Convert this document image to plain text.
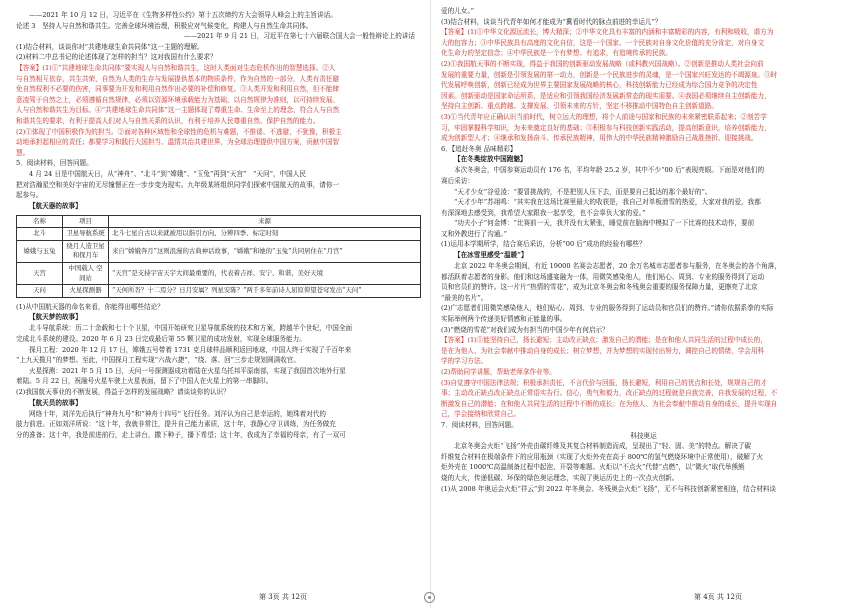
——2021 年 10 月 12 日，习近平在《生物多样性公约》第十五次缔约方大会领导人峰会上的主旨讲话。
论述 3　坚持人与自然和谐共生。完善全球环境治理，积极应对气候变化，构建人与自然生命共同体。
——2021 年 9 月 21 日，习近平在第七十六届联合国大会一般性辩论上的讲话
(1)结合材料，谈谈你对“共建地球生命共同体”这一主题的理解。
(2)材料二中总书记的论述体现了怎样的担当？这对我国有什么要求？
【答案】(1)①“共建地球生命共同体”要实现人与自然和谐共生，这时人类面对生态危机作出的智慧选择。②人
与自然相互依存，共生共荣，自然为人类的生存与发展提供基本的物质条件，作为自然的一部分，人类有责任避
免自然权利不必要的伤害，同事要为开发和利用自然作出必要的补偿和修复。③人类开发和利用自然，但不能肆
意凌驾于自然之上，必须遵循自然规律，必须以资源环境承载能力为基础，以自然规律为准则，以可持续发展、
人与自然和谐共生为目标。④“共建地球生命共同体”这一主题体现了尊重生命、生命至上的理念，符合人与自然
和谐共生的要求，有利于提高人们对人与自然关系的认识，有利于培养人民尊重自然、保护自然的能力。
(2)①体现了中国积极作为的担当。②面对各种区域性和全球性的危机与难题，不推诿、不逃避，不犹豫，积极主
动地承担起相应的责任；都要学习和践行大国担当、温情共治共建世界，为全球治理提供中国方案，贡献中国智
慧。
5．阅读材料，回答问题。
4 月 24 日是中国航天日，从“神舟”、“北斗”到“嫦娥”、“玉兔”再到“天宫”　“天问”，中国人民
把对浩瀚星空和美好宇宙的无尽憧憬正在一步步变为现实。九年级某班组织同学们探索中国航天的故事，请你一
起参与。
【航天器的故事】
名称	项目	来源
北斗	卫星导航系统	北斗七星自古以来就被用以指引方向、分辨四季、标定时刻
嫦娥与玉兔	绕月人造卫星 和探月车	来自“嫦娥奔月”这则浪漫的古典神话故事，“嫦娥”和她的“玉兔”共同居住在“月宫”
天宫	中国载人 空间站	“天宫”是支持宇宙天宇大间最重要的，代表着吉祥、安宁、和谐、美好天境
天问	火星探测器	“天何所沓？十二焉分？日月安属？列星安陈？”两千多年前诗人屈原仰望苍穹发出“天问”
(1)从中国航天器的命名来看，你能得出哪些结论？
【航天梦的故事】
北斗导航系统：历二十余载和七十个卫星，中国开始研究卫星导航系统的技术和方案，跨越半个世纪，中国全面
完成北斗系统的建设。2020 年 6 月 23 日完成最后第 55 颗卫星的成功发射，实现全球服务能力。
探月工程：2020 年 12 月 17 日，嫦娥五号带着 1731 克月球样品顺利返回地球，中国人终于实现了千百年来
“上九天揽月”的梦想。至此，中国探月工程实现“六战六捷”，“绕、落、回”三步走规划圆满收官。
火星探测：2021 年 5 月 15 日，天问一号探测器成功着陆在火星乌托邦平原南部，实现了我国首次地外行星
着陆。5 月 22 日，祝融号火星车驶上火星表面，留下了中国人在火星上的第一串脚印。
(2)我国航天事业的不断发展，得益于怎样的发展战略？请谈谈你的认识？
【航天员的故事】
网络十年，刘洋先后执行“神舟九号”和“神舟十四号”飞行任务。刘洋认为自己是幸运的，她珠着对代的
肢力前进。正如刘洋所说：“这十年，我就非常注，提升自己能力素质，这十年，我静心守卫训练，为任务做充
分的准备；这十年，我是前进前行，走上讲台，撒下种子，播下希望；这十年，我成为了幸福的母亲，有了一双可
爱的儿女。”
(3)结合材料，谈谈当代青年如何才能成为“冀看时代的脉点前进的幸运儿”？
【答案】(1)①中华文化源远流长，博大精深；②中华文化具有丰富的内涵和丰富精彩的内容，有利和吸收，谐方为
大的包容力；③中华民族具有高度的文化自信，这是一个国家、一个民族对自身文化价值的充分肯定，对自身文
化生命力的坚定信念；④中华民族是一个有梦想、有追求，有追境传承的民族。
(2)①我国航天事的不断实现，得益于我国的创新驱动发展战略（或科教兴国战略）。②创新是推动人类社会向前
发展的重要力量，创新是引领发展的第一动力，创新是一个民族进步的灵魂，是一个国家兴旺发达的不竭源泉。③时
代发展呼唤创新，创新已经成为世界主要国家发展战略的核心，科技创新能力已经成为综合国力竞争的决定性
因素。创新驱动是国家命运所系，是适应和引领我国经济发展新常态的现实需要。④我国必须继续自主创新能力，
坚持自主创新、重点跨越、支撑发展、引领未来的方针，坚定不移推动中国特色自主创新道路。
(3)①当代青年应正确认识当前时代，树立远大的理想，将个人前途与国家和民族的未来紧密联系起来；②刻苦学
习，牢固掌握科学知识，为未来奠定良好的基础；③积极参与科技创新实践活动，提高创新意识，培养创新能力，
成为创新型人才；④继承和发扬奋斗、传承民族精神，用伟大的中华民族精神激励自己战胜挫折、迎接挑战。
6．【追赶冬奥 品味精彩】
【在冬奥绽放中国跑魅】
本次冬奥会，中国参赛运动员有 176 名，平均年龄 25.2 岁，其中不少“00 后”表现亮眼。下面是对他们的
赛后采访：
“天才少女”谷爱凌：“要冒挑战的，不是把别人压下去，而是要自己抵达的那个最好的”。
“天才少年”苏翊鸣：“其实我在这场比赛里最大的收获是，我自己对单板滑雪的热爱，大家对我的爱，我都
有深深地去感受到，我希望大家跟我一起享受，也不会辜负大家的爱。”
“功夫小子”何金博：“比赛前一天，我并没有太紧张，睡觉前在脑海中模拟了一下比赛的技术动作，要前
又和外教进行了沟通。”
(1)运用本学期所学，结合赛后采访，分析“00 后”成功的经验有哪些？
【在冰雪里感受“温暖”】
北京 2022 年冬奥会期间，有近 19000 名赛会志愿者，20 余万名城市志愿者参与服务，在冬奥会的各个角落，
都活跃着志愿者的身影。他们和这场盛宴融为一体，用微笑感染他人，他们贴心、周到、专业的服务得到了运动
员和官员们的赞许。这一片片“热情的雪花”，成为北京冬奥会和冬残奥会重要的服务保障力量，更擦亮了北京
“最美的名片”。
(2)广志愿者们用微笑感染他人，他们贴心、周到、专业的服务得到了运动员和官员们的赞许。”请你依据系拳的实际
实际举例两个传递美好情感和正能量的事。
(3)“燃烧的雪花”对我们成为有担当的中国少年有何启示？
【答案】(1)①能坚持自己，扬长避短；主动改正缺点；激发自己的潜能；是在和他人共同生活的过程中成长的，
是在为他人、为社会奉献中推动自身的成长；树立梦想，并为梦想的实现付出努力，调控自己的情绪，学会用科
学的学习方法。
(2)帮助同学讲题，帮助老师拿作业等。
(3)自觉遵守中国法律法规；积极承担责任，不言代价与回报，扬长避短，利用自己的优点和长处，规规自己的才
事；主动改正缺点改正缺点正常语实告行。信心，勇气和毅力，改正缺点的过程就是自我完善，自我发展的过程，不
断激发自己的潜能；在和他人共同生活的过程中不断的成长；在为他人、为社会奉献中推动自身的成长，提升实现自
己，学会接纳和欣赏自己。
7．阅读材料，回答问题。
科技奥运
北京冬奥会火炬“飞扬”外壳由碳纤维及其复合材料制造而成，呈现出了“轻、固、美”的特点。解决了碳
纤维复合材料在极端条件下的应用瓶颈（实现了火炬外壳在高于 800℃的氢气燃烧环境中正常使用），破解了火
炬外壳在 1000℃高温制备过程中起泡、开裂等难题。火炬以“不点火”代替“点燃”，以“微火”取代举熊熊
烧的大火，传递低碳、环保的绿色奥运理念，实现了奥运历史上的一次点火创新。
(1)从 2008 年奥运会火炬“祥云”到 2022 年冬奥会、冬残奥会火炬“飞扬”，无不与科技创新紧密相连，结合材料谈
第 3页 共 12页	第 4页 共 12页
